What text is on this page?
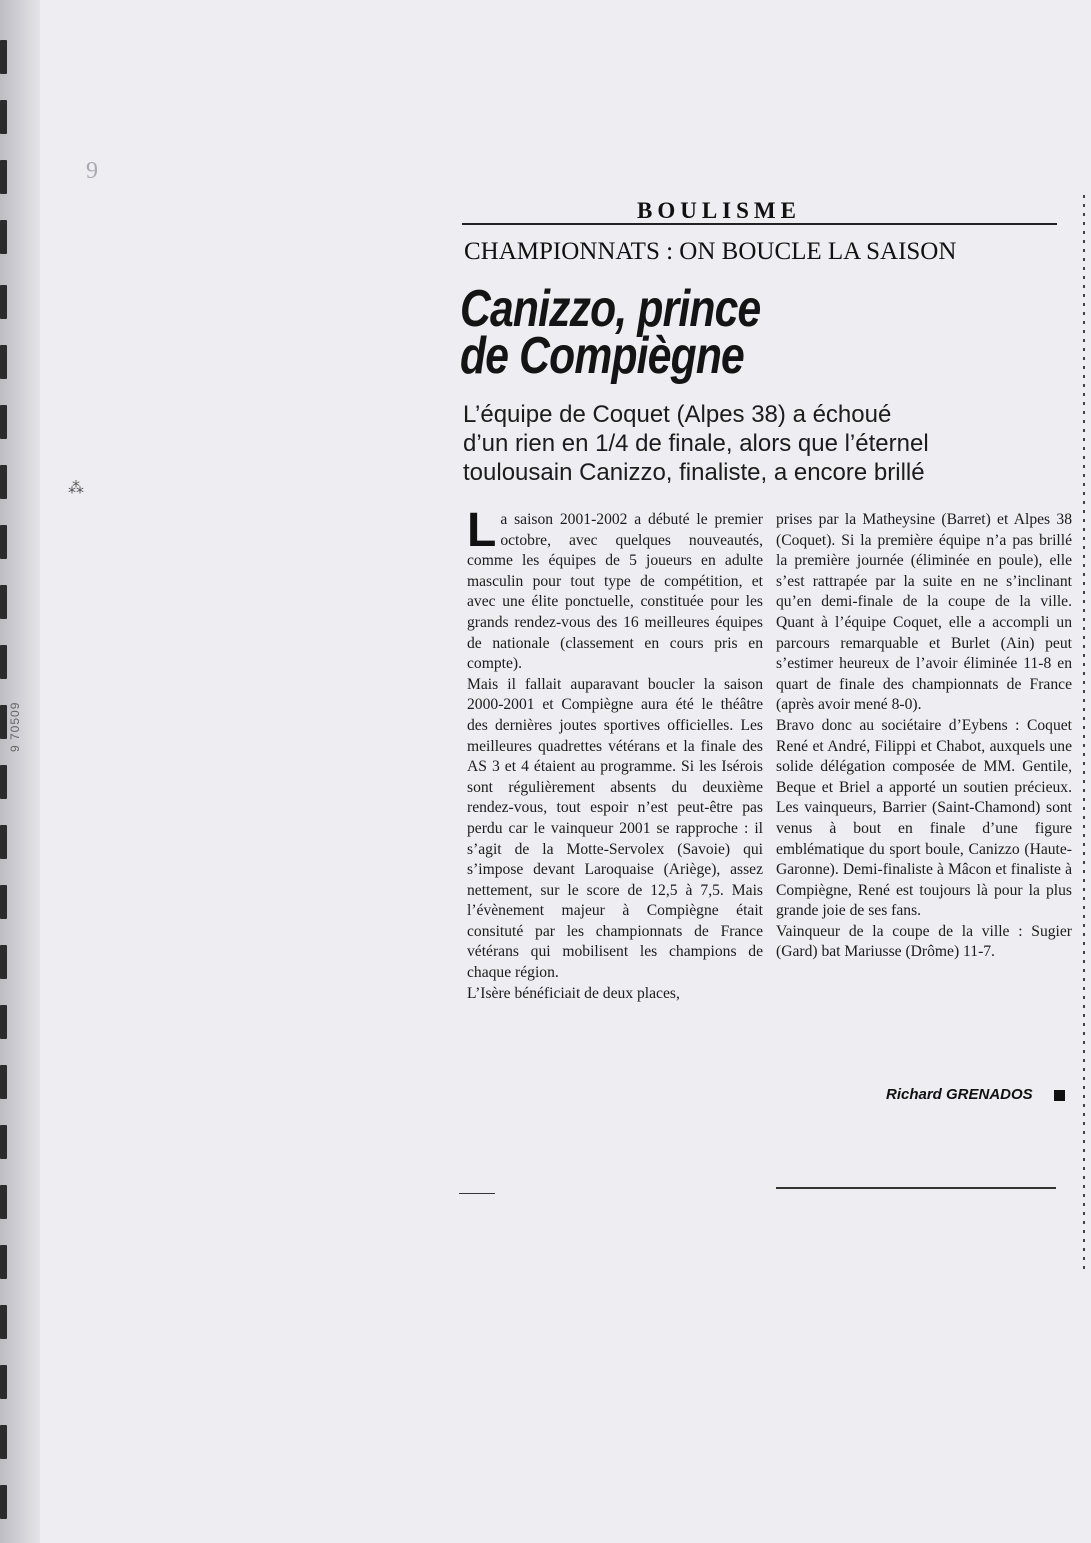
9 70509
9
⁂
BOULISME
CHAMPIONNATS : ON BOUCLE LA SAISON
Canizzo, prince
de Compiègne
L’équipe de Coquet (Alpes 38) a échoué
d’un rien en 1/4 de finale, alors que l’éternel
toulousain Canizzo, finaliste, a encore brillé
L a saison 2001-2002 a débuté le premier octobre, avec quelques nouveautés, comme les équipes de 5 joueurs en adulte masculin pour tout type de compétition, et avec une élite ponctuelle, constituée pour les grands rendez-vous des 16 meilleures équipes de nationale (classement en cours pris en compte).

Mais il fallait auparavant boucler la saison 2000-2001 et Compiègne aura été le théâtre des dernières joutes sportives officielles. Les meilleures quadrettes vétérans et la finale des AS 3 et 4 étaient au programme. Si les Isérois sont régulièrement absents du deuxième rendez-vous, tout espoir n’est peut-être pas perdu car le vainqueur 2001 se rapproche : il s’agit de la Motte-Servolex (Savoie) qui s’impose devant Laroquaise (Ariège), assez nettement, sur le score de 12,5 à 7,5. Mais l’évènement majeur à Compiègne était consituté par les championnats de France vétérans qui mobilisent les champions de chaque région.

L’Isère bénéficiait de deux places,

prises par la Matheysine (Barret) et Alpes 38 (Coquet). Si la première équipe n’a pas brillé la première journée (éliminée en poule), elle s’est rattrapée par la suite en ne s’inclinant qu’en demi-finale de la coupe de la ville. Quant à l’équipe Coquet, elle a accompli un parcours remarquable et Burlet (Ain) peut s’estimer heureux de l’avoir éliminée 11-8 en quart de finale des championnats de France (après avoir mené 8-0).

Bravo donc au sociétaire d’Eybens : Coquet René et André, Filippi et Chabot, auxquels une solide délégation composée de MM. Gentile, Beque et Briel a apporté un soutien précieux. Les vainqueurs, Barrier (Saint-Chamond) sont venus à bout en finale d’une figure emblématique du sport boule, Canizzo (Haute-Garonne). Demi-finaliste à Mâcon et finaliste à Compiègne, René est toujours là pour la plus grande joie de ses fans.

Vainqueur de la coupe de la ville : Sugier (Gard) bat Mariusse (Drôme) 11-7.

Richard GRENADOS
